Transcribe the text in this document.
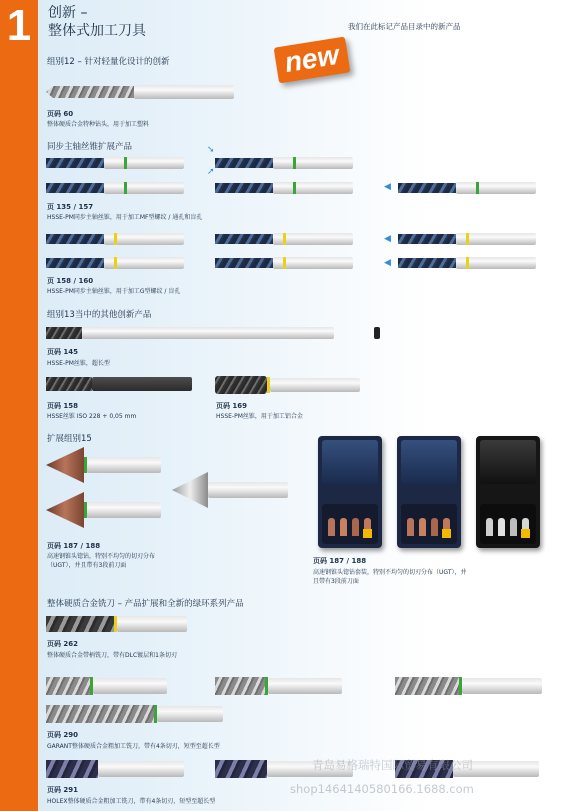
1	创新 –
整体式加工刀具	我们在此标记产品目录中的新产品
new
组别12 – 针对轻量化设计的创新
页码 60
整体硬质合金特种钻头，用于加工塑料
同步主轴丝锥扩展产品	➘
➚
◀
页 135 / 157
HSSE-PM同步主轴丝锥，用于加工MF型螺纹 / 通孔和盲孔
◀
◀
页 158 / 160
HSSE-PM同步主轴丝锥，用于加工G型螺纹 / 盲孔
组别13当中的其他创新产品
页码 145
HSSE-PM丝锥，超长型
页码 158
HSSE丝锥 ISO 228 + 0,05 mm
页码 169
HSSE-PM丝锥，用于加工铝合金
扩展组别15
页码 187 / 188
高速钢锥头锪钻，特别不均匀的切刃分布
（UGT），并且带有3段前刀面
页码 187 / 188
高速钢锥头锪钻套装，特别不均匀的切刃分布（UGT），并
且带有3段前刀面
整体硬质合金铣刀 – 产品扩展和全新的绿环系列产品
页码 262
整体硬质合金带柄铣刀，带有DLC镀层和1条切刃
页码 290
GARANT整体硬质合金粗加工铣刀，带有4条切刃，短型至超长型
页码 291
HOLEX整体硬质合金粗加工铣刀，带有4条切刃，短型至超长型
青岛易格瑞特国际贸易有限公司
shop1464140580166.1688.com
